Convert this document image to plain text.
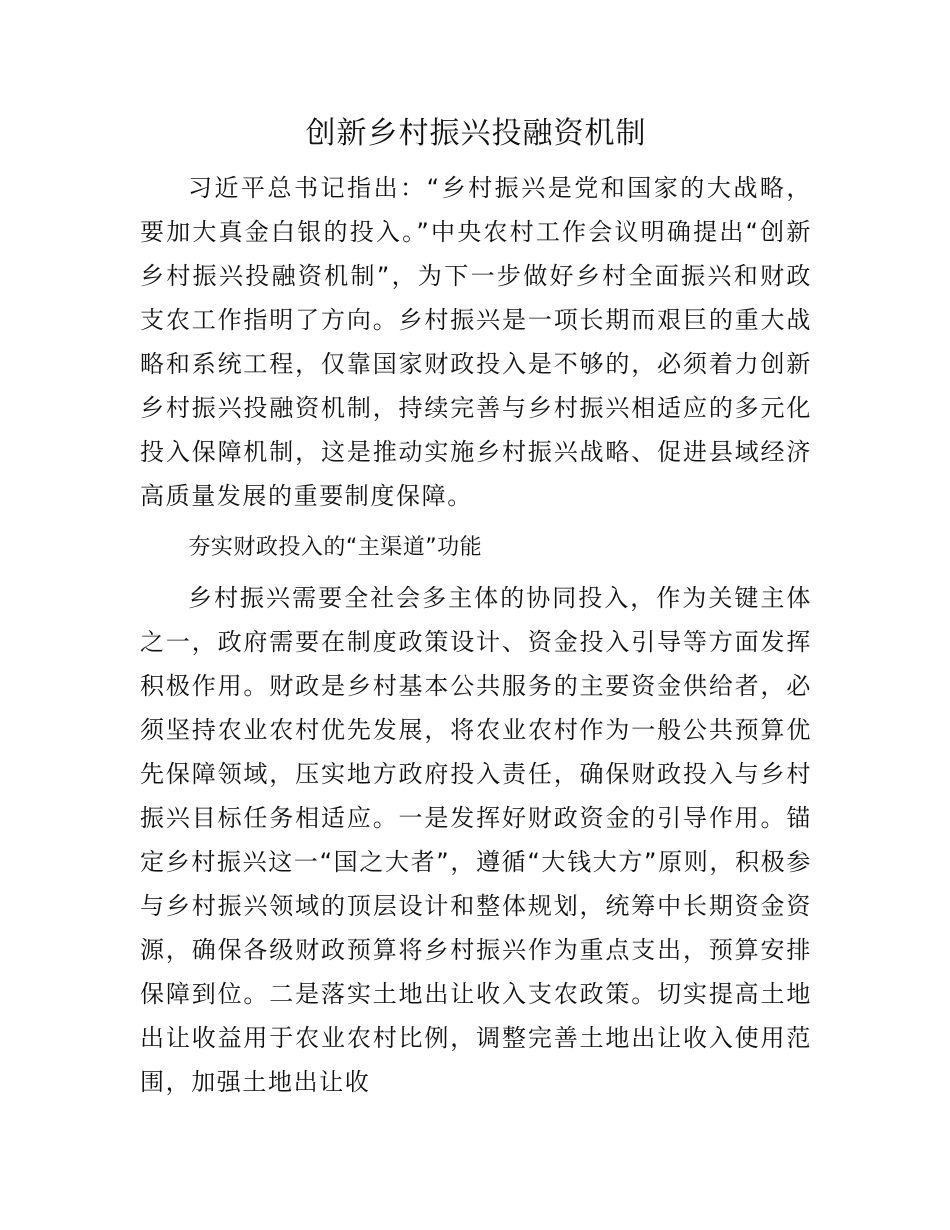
创新乡村振兴投融资机制

习近平总书记指出：“乡村振兴是党和国家的大战略，要加大真金白银的投入。”中央农村工作会议明确提出“创新乡村振兴投融资机制”，为下一步做好乡村全面振兴和财政支农工作指明了方向。乡村振兴是一项长期而艰巨的重大战略和系统工程，仅靠国家财政投入是不够的，必须着力创新乡村振兴投融资机制，持续完善与乡村振兴相适应的多元化投入保障机制，这是推动实施乡村振兴战略、促进县域经济高质量发展的重要制度保障。

夯实财政投入的“主渠道”功能

乡村振兴需要全社会多主体的协同投入，作为关键主体之一，政府需要在制度政策设计、资金投入引导等方面发挥积极作用。财政是乡村基本公共服务的主要资金供给者，必须坚持农业农村优先发展，将农业农村作为一般公共预算优先保障领域，压实地方政府投入责任，确保财政投入与乡村振兴目标任务相适应。一是发挥好财政资金的引导作用。锚定乡村振兴这一“国之大者”，遵循“大钱大方”原则，积极参与乡村振兴领域的顶层设计和整体规划，统筹中长期资金资源，确保各级财政预算将乡村振兴作为重点支出，预算安排保障到位。二是落实土地出让收入支农政策。切实提高土地出让收益用于农业农村比例，调整完善土地出让收入使用范围，加强土地出让收
